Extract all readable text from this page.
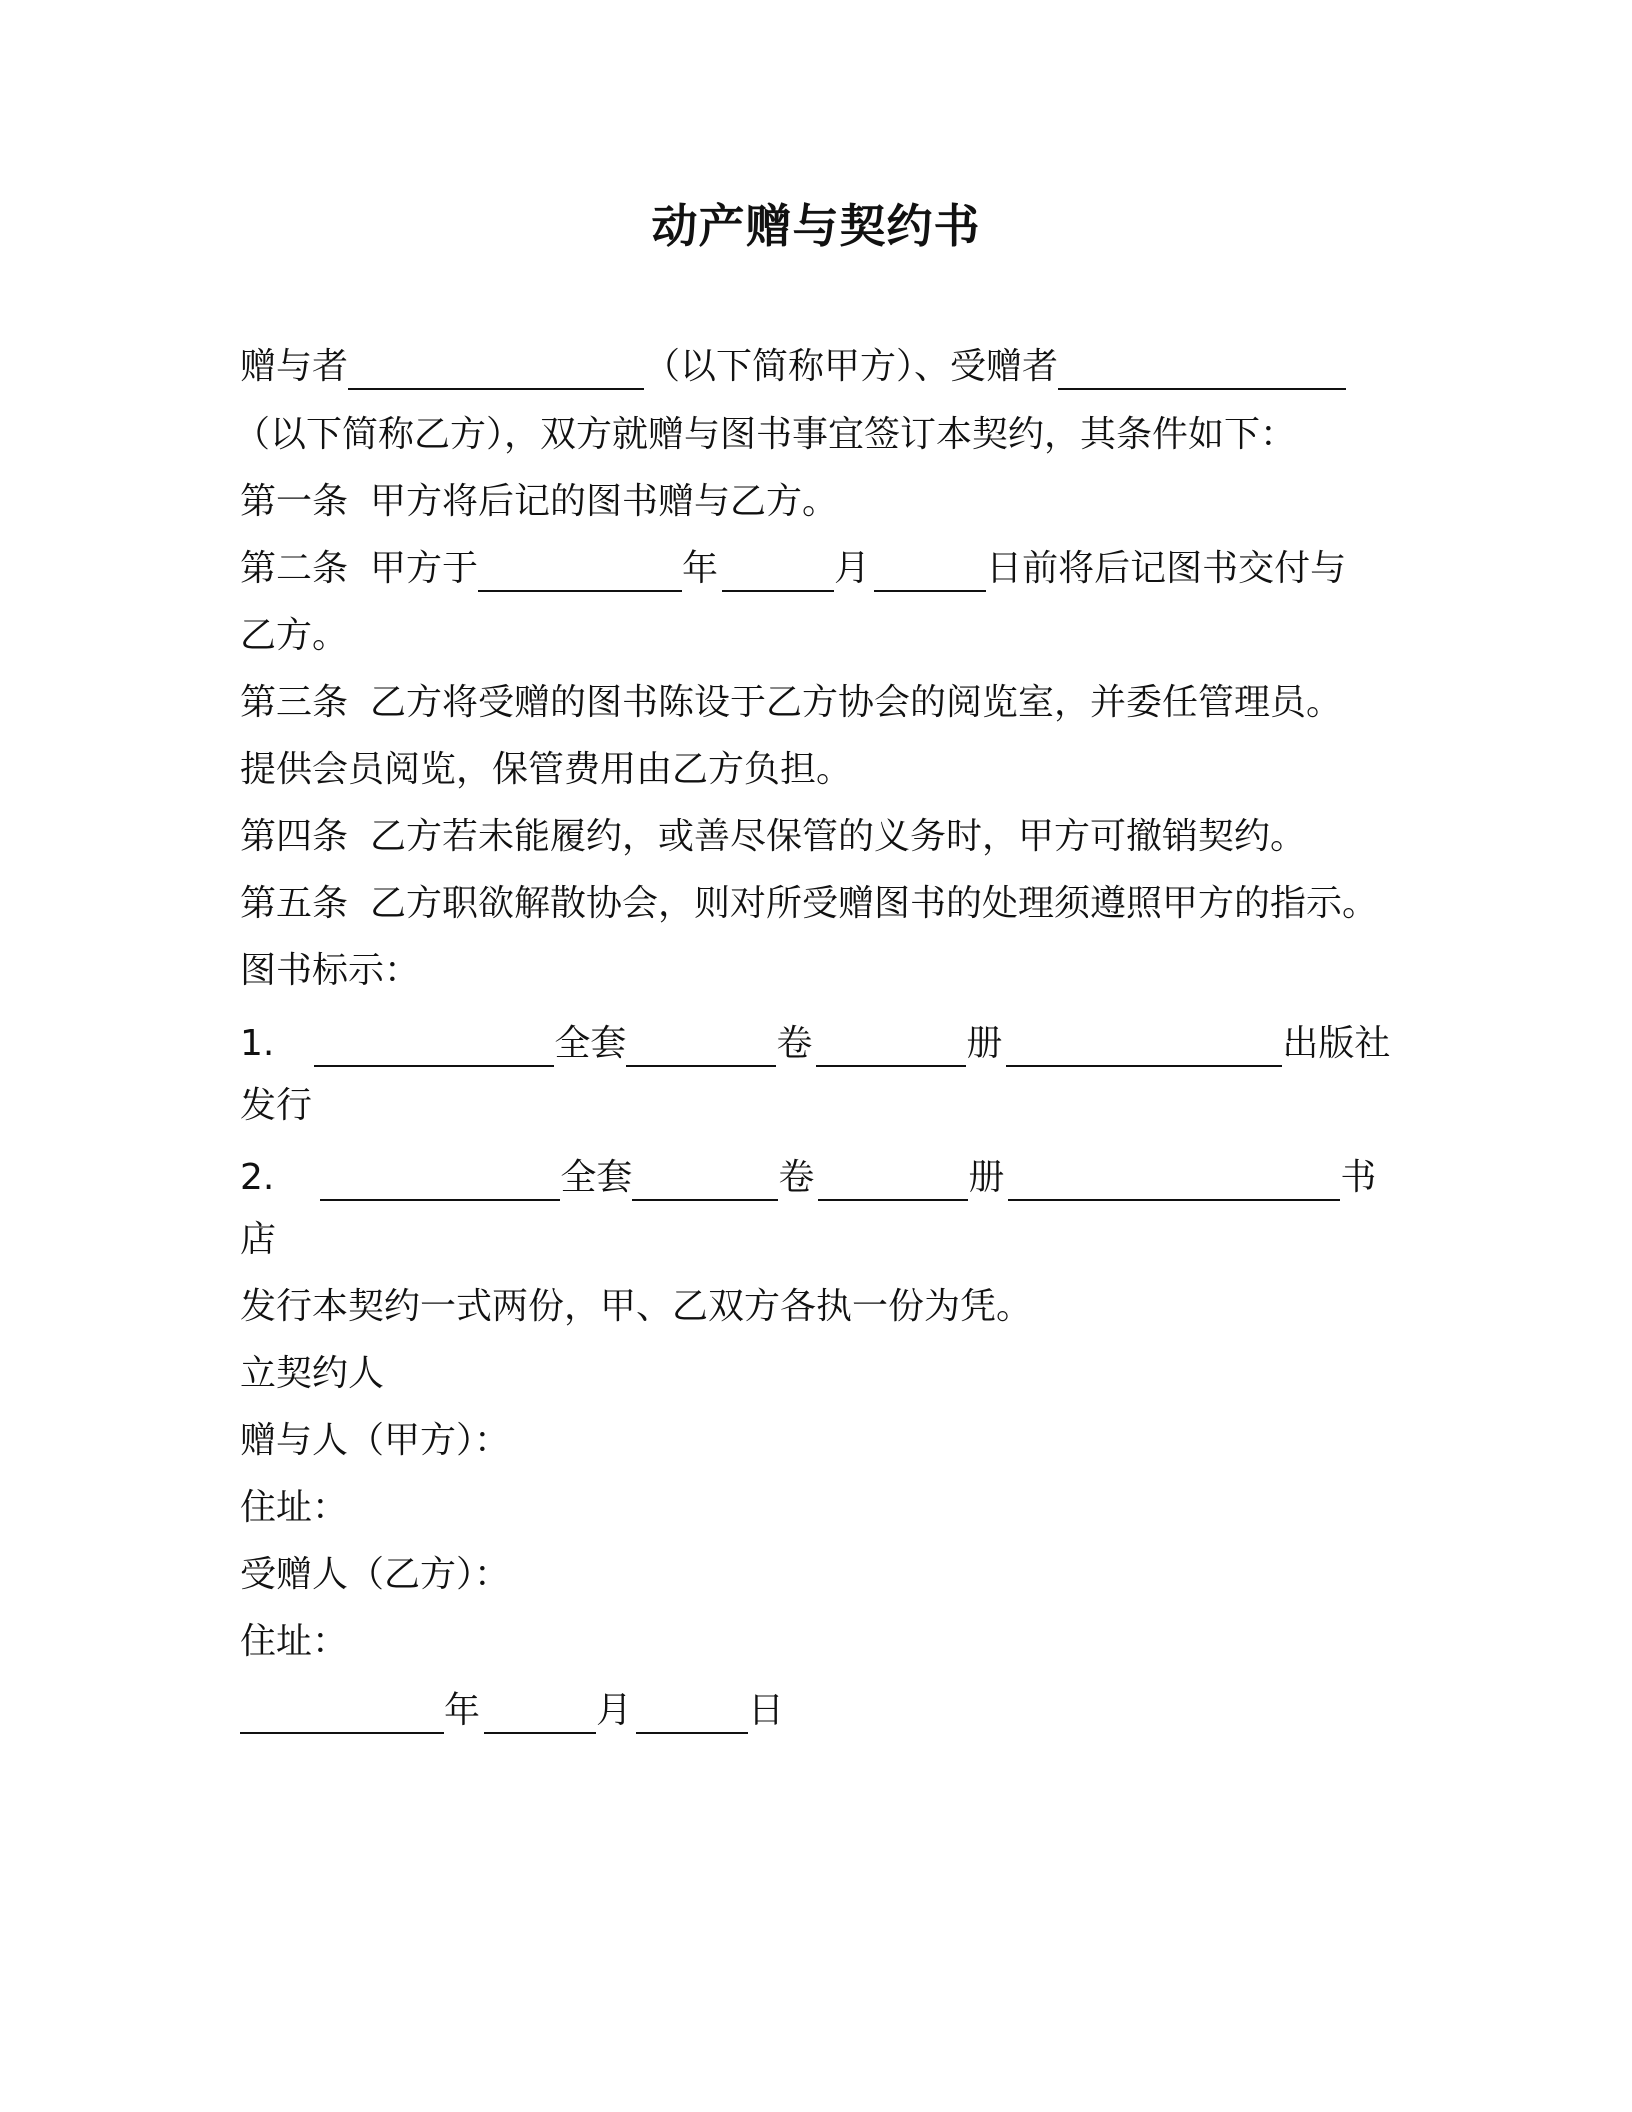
动产赠与契约书
赠与者	（以下简称甲方）、受赠者
（以下简称乙方），双方就赠与图书事宜签订本契约，其条件如下：
第一条 甲方将后记的图书赠与乙方。
第二条 甲方于	年	月	日前将后记图书交付与
乙方。
第三条 乙方将受赠的图书陈设于乙方协会的阅览室，并委任管理员。
提供会员阅览，保管费用由乙方负担。
第四条 乙方若未能履约，或善尽保管的义务时，甲方可撤销契约。
第五条 乙方职欲解散协会，则对所受赠图书的处理须遵照甲方的指示。
图书标示：
1.	全套	卷	册	出版社
发行
2.	全套	卷	册	书
店
发行本契约一式两份，甲、乙双方各执一份为凭。
立契约人
赠与人（甲方）：
住址：
受赠人（乙方）：
住址：
年	月	日
